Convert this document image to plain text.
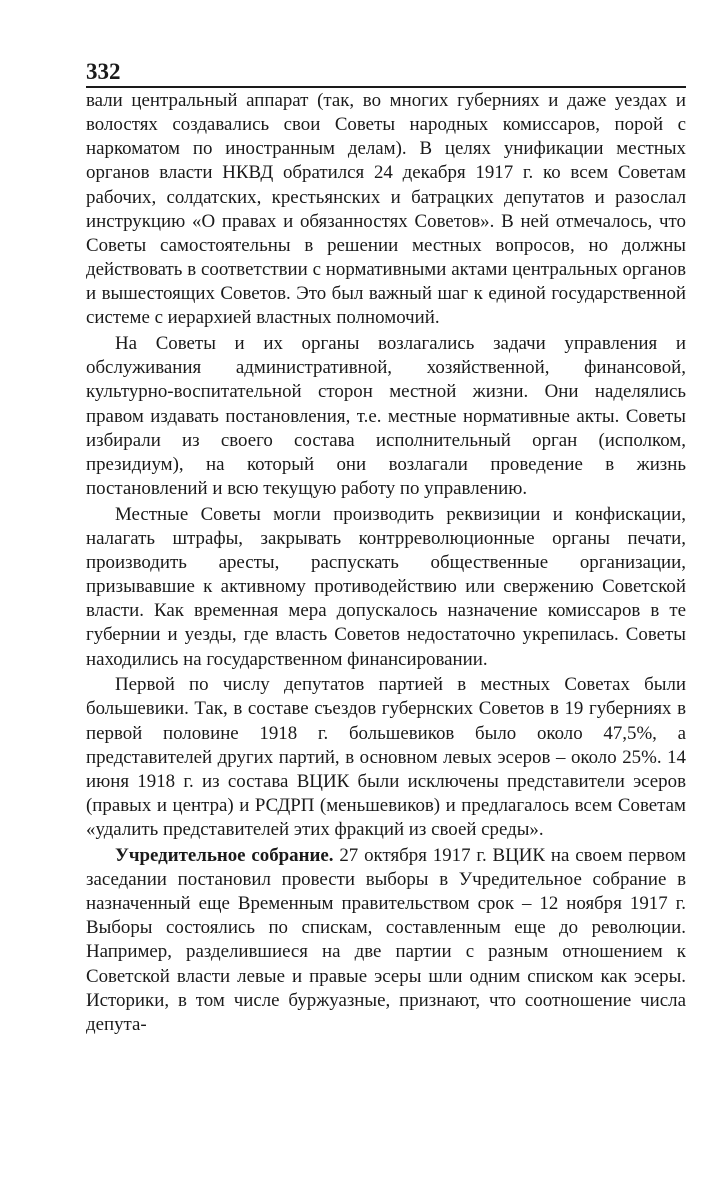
332

вали центральный аппарат (так, во многих губерниях и даже уездах и волостях создавались свои Советы народных комиссаров, порой с наркоматом по иностранным делам). В целях унификации местных органов власти НКВД обратился 24 декабря 1917 г. ко всем Советам рабочих, солдатских, крестьянских и батрацких депутатов и разослал инструкцию «О правах и обязанностях Советов». В ней отмечалось, что Советы самостоятельны в решении местных вопросов, но должны действовать в соответствии с нормативными актами центральных органов и вышестоящих Советов. Это был важный шаг к единой государственной системе с иерархией властных полномочий.

На Советы и их органы возлагались задачи управления и обслуживания административной, хозяйственной, финансовой, культурно-воспитательной сторон местной жизни. Они наделялись правом издавать постановления, т.е. местные нормативные акты. Советы избирали из своего состава исполнительный орган (исполком, президиум), на который они возлагали проведение в жизнь постановлений и всю текущую работу по управлению.

Местные Советы могли производить реквизиции и конфискации, налагать штрафы, закрывать контрреволюционные органы печати, производить аресты, распускать общественные организации, призывавшие к активному противодействию или свержению Советской власти. Как временная мера допускалось назначение комиссаров в те губернии и уезды, где власть Советов недостаточно укрепилась. Советы находились на государственном финансировании.

Первой по числу депутатов партией в местных Советах были большевики. Так, в составе съездов губернских Советов в 19 губерниях в первой половине 1918 г. большевиков было около 47,5%, а представителей других партий, в основном левых эсеров – около 25%. 14 июня 1918 г. из состава ВЦИК были исключены представители эсеров (правых и центра) и РСДРП (меньшевиков) и предлагалось всем Советам «удалить представителей этих фракций из своей среды».

Учредительное собрание. 27 октября 1917 г. ВЦИК на своем первом заседании постановил провести выборы в Учредительное собрание в назначенный еще Временным правительством срок – 12 ноября 1917 г. Выборы состоялись по спискам, составленным еще до революции. Например, разделившиеся на две партии с разным отношением к Советской власти левые и правые эсеры шли одним списком как эсеры. Историки, в том числе буржуазные, признают, что соотношение числа депута-
